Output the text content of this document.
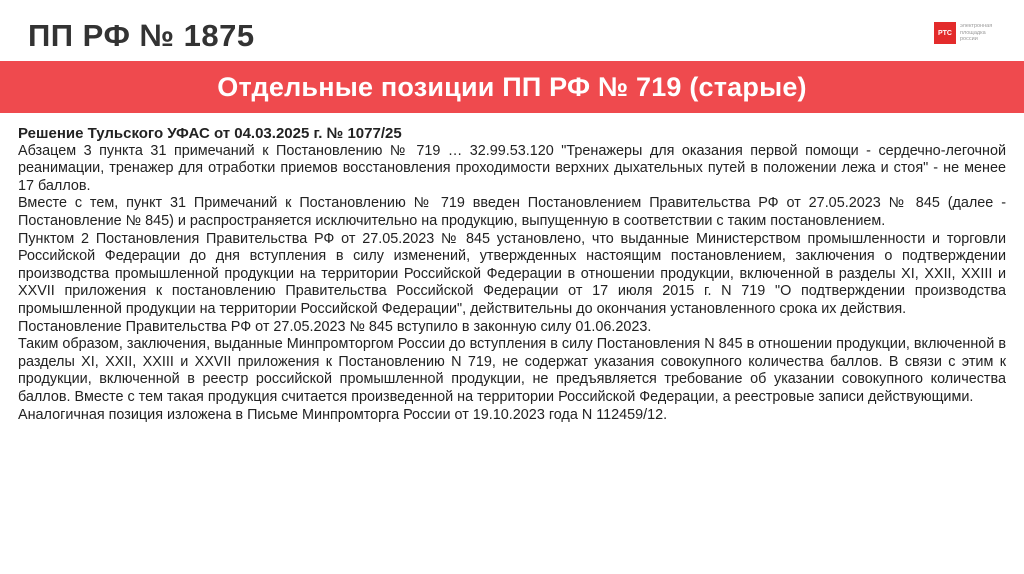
ПП РФ № 1875	РТС
электронная площадка россии
Отдельные позиции ПП РФ № 719 (старые)

Решение Тульского УФАС от 04.03.2025 г. № 1077/25

Абзацем 3 пункта 31 примечаний к Постановлению № 719 … 32.99.53.120 "Тренажеры для оказания первой помощи - сердечно-легочной реанимации, тренажер для отработки приемов восстановления проходимости верхних дыхательных путей в положении лежа и стоя" - не менее 17 баллов.

Вместе с тем, пункт 31 Примечаний к Постановлению № 719 введен Постановлением Правительства РФ от 27.05.2023 № 845 (далее - Постановление № 845) и распространяется исключительно на продукцию, выпущенную в соответствии с таким постановлением.

Пунктом 2 Постановления Правительства РФ от 27.05.2023 № 845 установлено, что выданные Министерством промышленности и торговли Российской Федерации до дня вступления в силу изменений, утвержденных настоящим постановлением, заключения о подтверждении производства промышленной продукции на территории Российской Федерации в отношении продукции, включенной в разделы XI, XXII, XXIII и XXVII приложения к постановлению Правительства Российской Федерации от 17 июля 2015 г. N 719 "О подтверждении производства промышленной продукции на территории Российской Федерации", действительны до окончания установленного срока их действия.

Постановление Правительства РФ от 27.05.2023 № 845 вступило в законную силу 01.06.2023.

Таким образом, заключения, выданные Минпромторгом России до вступления в силу Постановления N 845 в отношении продукции, включенной в разделы XI, XXII, XXIII и XXVII приложения к Постановлению N 719, не содержат указания совокупного количества баллов. В связи с этим к продукции, включенной в реестр российской промышленной продукции, не предъявляется требование об указании совокупного количества баллов. Вместе с тем такая продукция считается произведенной на территории Российской Федерации, а реестровые записи действующими.

Аналогичная позиция изложена в Письме Минпромторга России от 19.10.2023 года N 112459/12.
